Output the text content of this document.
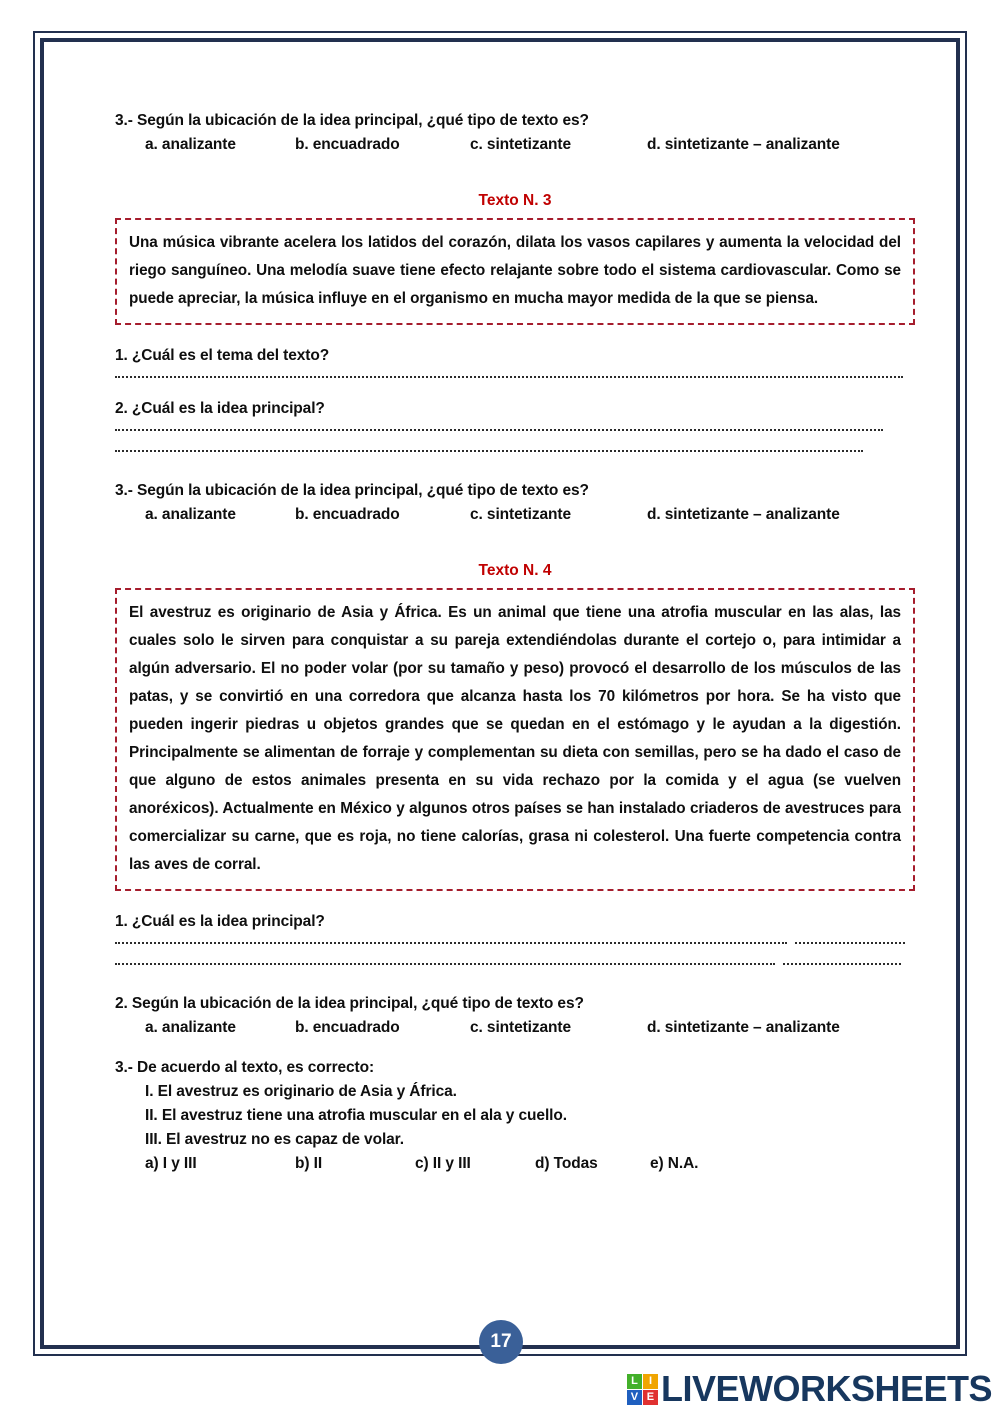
3.- Según la ubicación de la idea principal, ¿qué tipo de texto es?
a. analizante	b. encuadrado	c. sintetizante	d. sintetizante – analizante
Texto N. 3

Una música vibrante acelera los latidos del corazón, dilata los vasos capilares y aumenta la velocidad del riego sanguíneo. Una melodía suave tiene efecto relajante sobre todo el sistema cardiovascular. Como se puede apreciar, la música influye en el organismo en mucha mayor medida de la que se piensa.

1. ¿Cuál es el tema del texto?
2. ¿Cuál es la idea principal?
3.- Según la ubicación de la idea principal, ¿qué tipo de texto es?
a. analizante	b. encuadrado	c. sintetizante	d. sintetizante – analizante
Texto N. 4

El avestruz es originario de Asia y África. Es un animal que tiene una atrofia muscular en las alas, las cuales solo le sirven para conquistar a su pareja extendiéndolas durante el cortejo o, para intimidar a algún adversario. El no poder volar (por su tamaño y peso) provocó el desarrollo de los músculos de las patas, y se convirtió en una corredora que alcanza hasta los 70 kilómetros por hora. Se ha visto que pueden ingerir piedras u objetos grandes que se quedan en el estómago y le ayudan a la digestión. Principalmente se alimentan de forraje y complementan su dieta con semillas, pero se ha dado el caso de que alguno de estos animales presenta en su vida rechazo por la comida y el agua (se vuelven anoréxicos). Actualmente en México y algunos otros países se han instalado criaderos de avestruces para comercializar su carne, que es roja, no tiene calorías, grasa ni colesterol. Una fuerte competencia contra las aves de corral.

1. ¿Cuál es la idea principal?
2. Según la ubicación de la idea principal, ¿qué tipo de texto es?
a. analizante	b. encuadrado	c. sintetizante	d. sintetizante – analizante
3.- De acuerdo al texto, es correcto:
I. El avestruz es originario de Asia y África.
II. El avestruz tiene una atrofia muscular en el ala y cuello.
III. El avestruz no es capaz de volar.
a) I y III	b) II	c) II y III	d) Todas	e) N.A.
17
L	I
V E LIVEWORKSHEETS
